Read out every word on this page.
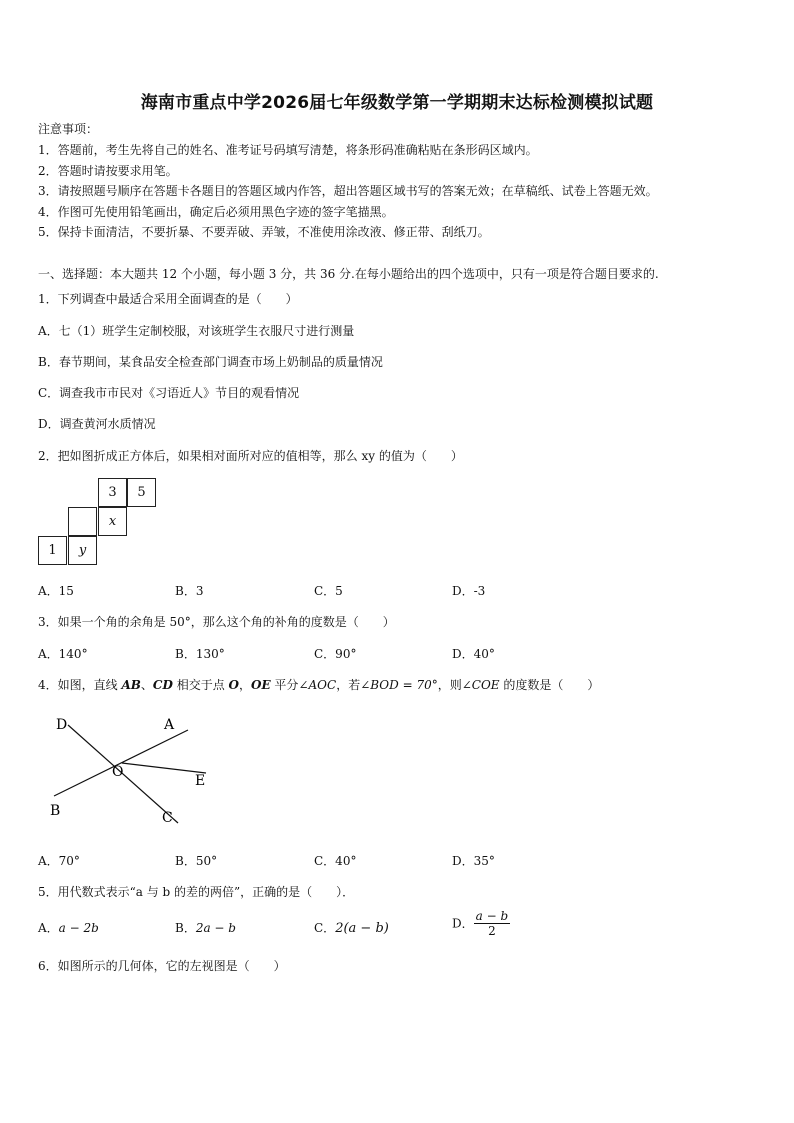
海南市重点中学2026届七年级数学第一学期期末达标检测模拟试题
注意事项：
1．答题前，考生先将自己的姓名、准考证号码填写清楚，将条形码准确粘贴在条形码区域内。
2．答题时请按要求用笔。
3．请按照题号顺序在答题卡各题目的答题区域内作答，超出答题区域书写的答案无效；在草稿纸、试卷上答题无效。
4．作图可先使用铅笔画出，确定后必须用黑色字迹的签字笔描黑。
5．保持卡面清洁，不要折暴、不要弄破、弄皱，不准使用涂改液、修正带、刮纸刀。
一、选择题：本大题共 12 个小题，每小题 3 分，共 36 分.在每小题给出的四个选项中，只有一项是符合题目要求的.
1．下列调查中最适合采用全面调查的是（　　）
A．七（1）班学生定制校服，对该班学生衣服尺寸进行测量
B．春节期间，某食品安全检查部门调查市场上奶制品的质量情况
C．调查我市市民对《习语近人》节目的观看情况
D．调查黄河水质情况
2．把如图折成正方体后，如果相对面所对应的值相等，那么 xy 的值为（　　）
3	5
x
1	y
A．15	B．3	C．5	D．-3
3．如果一个角的余角是 50°，那么这个角的补角的度数是（　　）
A．140°	B．130°	C．90°	D．40°
4．如图，直线 AB、CD 相交于点 O，OE 平分∠AOC，若∠BOD = 70°，则∠COE 的度数是（　　）
D	A
O
E
B	C
A．70°	B．50°	C．40°	D．35°
5．用代数式表示“a 与 b 的差的两倍”，正确的是（　　）．
A．a − 2b	B．2a − b	C．2(a − b)	D． $\frac{a - b}{2}$
6．如图所示的几何体，它的左视图是（　　）
